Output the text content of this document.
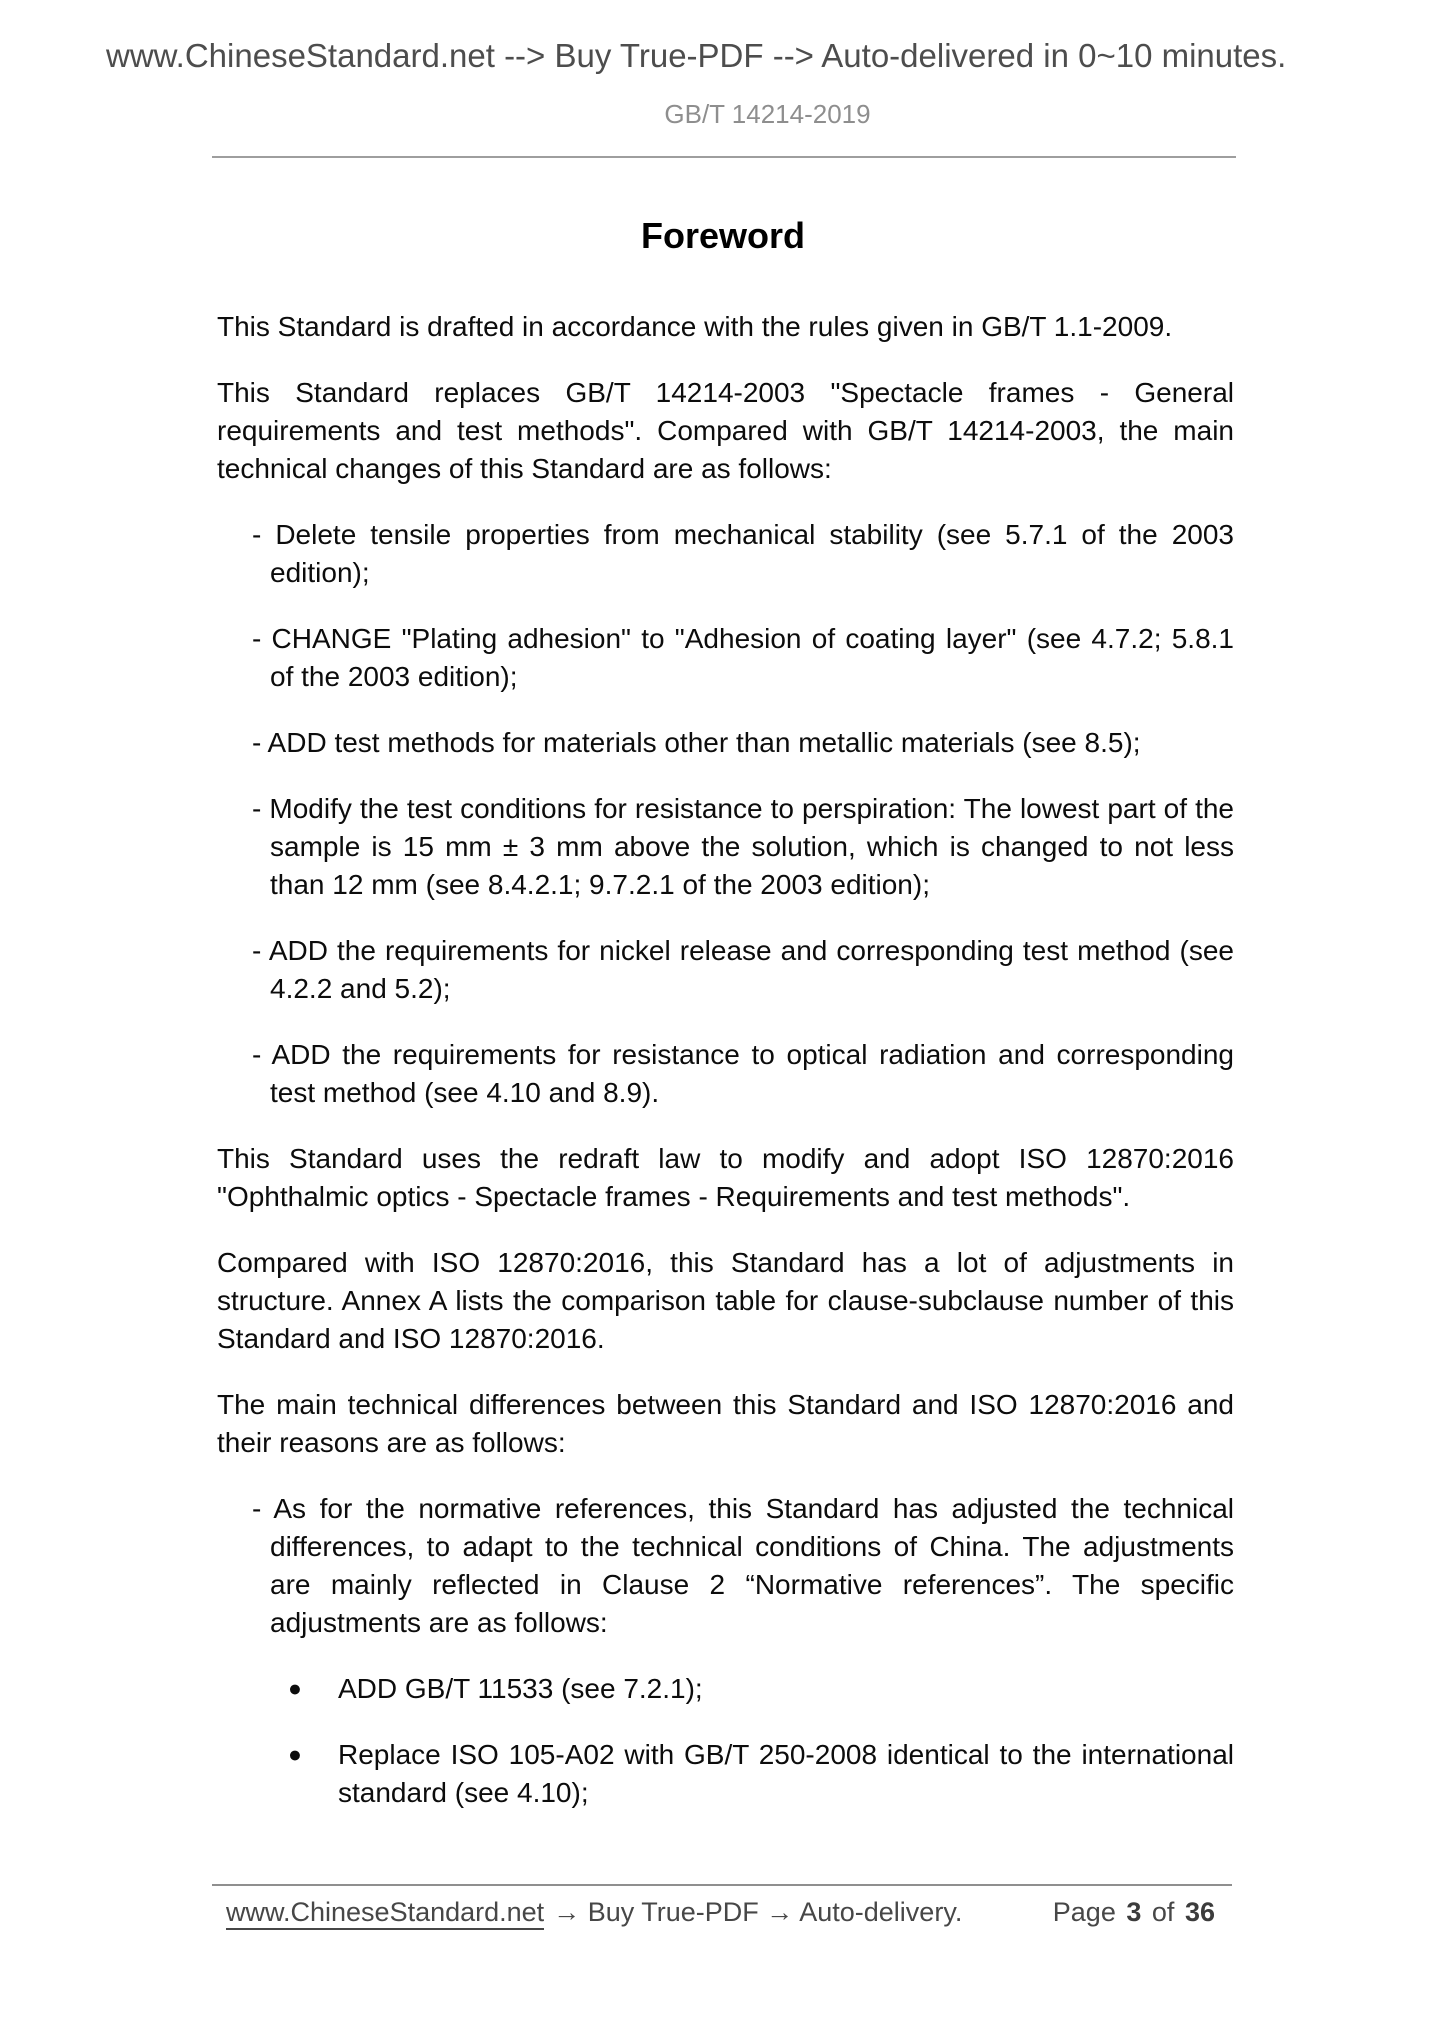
www.ChineseStandard.net --> Buy True-PDF --> Auto-delivered in 0~10 minutes.
GB/T 14214-2019
Foreword

This Standard is drafted in accordance with the rules given in GB/T 1.1-2009.

This Standard replaces GB/T 14214-2003 "Spectacle frames - General requirements and test methods". Compared with GB/T 14214-2003, the main technical changes of this Standard are as follows:

- Delete tensile properties from mechanical stability (see 5.7.1 of the 2003 edition);

- CHANGE "Plating adhesion" to "Adhesion of coating layer" (see 4.7.2; 5.8.1 of the 2003 edition);

- ADD test methods for materials other than metallic materials (see 8.5);

- Modify the test conditions for resistance to perspiration: The lowest part of the sample is 15 mm ± 3 mm above the solution, which is changed to not less than 12 mm (see 8.4.2.1; 9.7.2.1 of the 2003 edition);

- ADD the requirements for nickel release and corresponding test method (see 4.2.2 and 5.2);

- ADD the requirements for resistance to optical radiation and corresponding test method (see 4.10 and 8.9).

This Standard uses the redraft law to modify and adopt ISO 12870:2016 "Ophthalmic optics - Spectacle frames - Requirements and test methods".

Compared with ISO 12870:2016, this Standard has a lot of adjustments in structure. Annex A lists the comparison table for clause-subclause number of this Standard and ISO 12870:2016.

The main technical differences between this Standard and ISO 12870:2016 and their reasons are as follows:

- As for the normative references, this Standard has adjusted the technical differences, to adapt to the technical conditions of China. The adjustments are mainly reflected in Clause 2 “Normative references”. The specific adjustments are as follows:

● ADD GB/T 11533 (see 7.2.1);
● Replace ISO 105-A02 with GB/T 250-2008 identical to the international standard (see 4.10);
www.ChineseStandard.net → Buy True-PDF → Auto-delivery.	Page 3 of 36
